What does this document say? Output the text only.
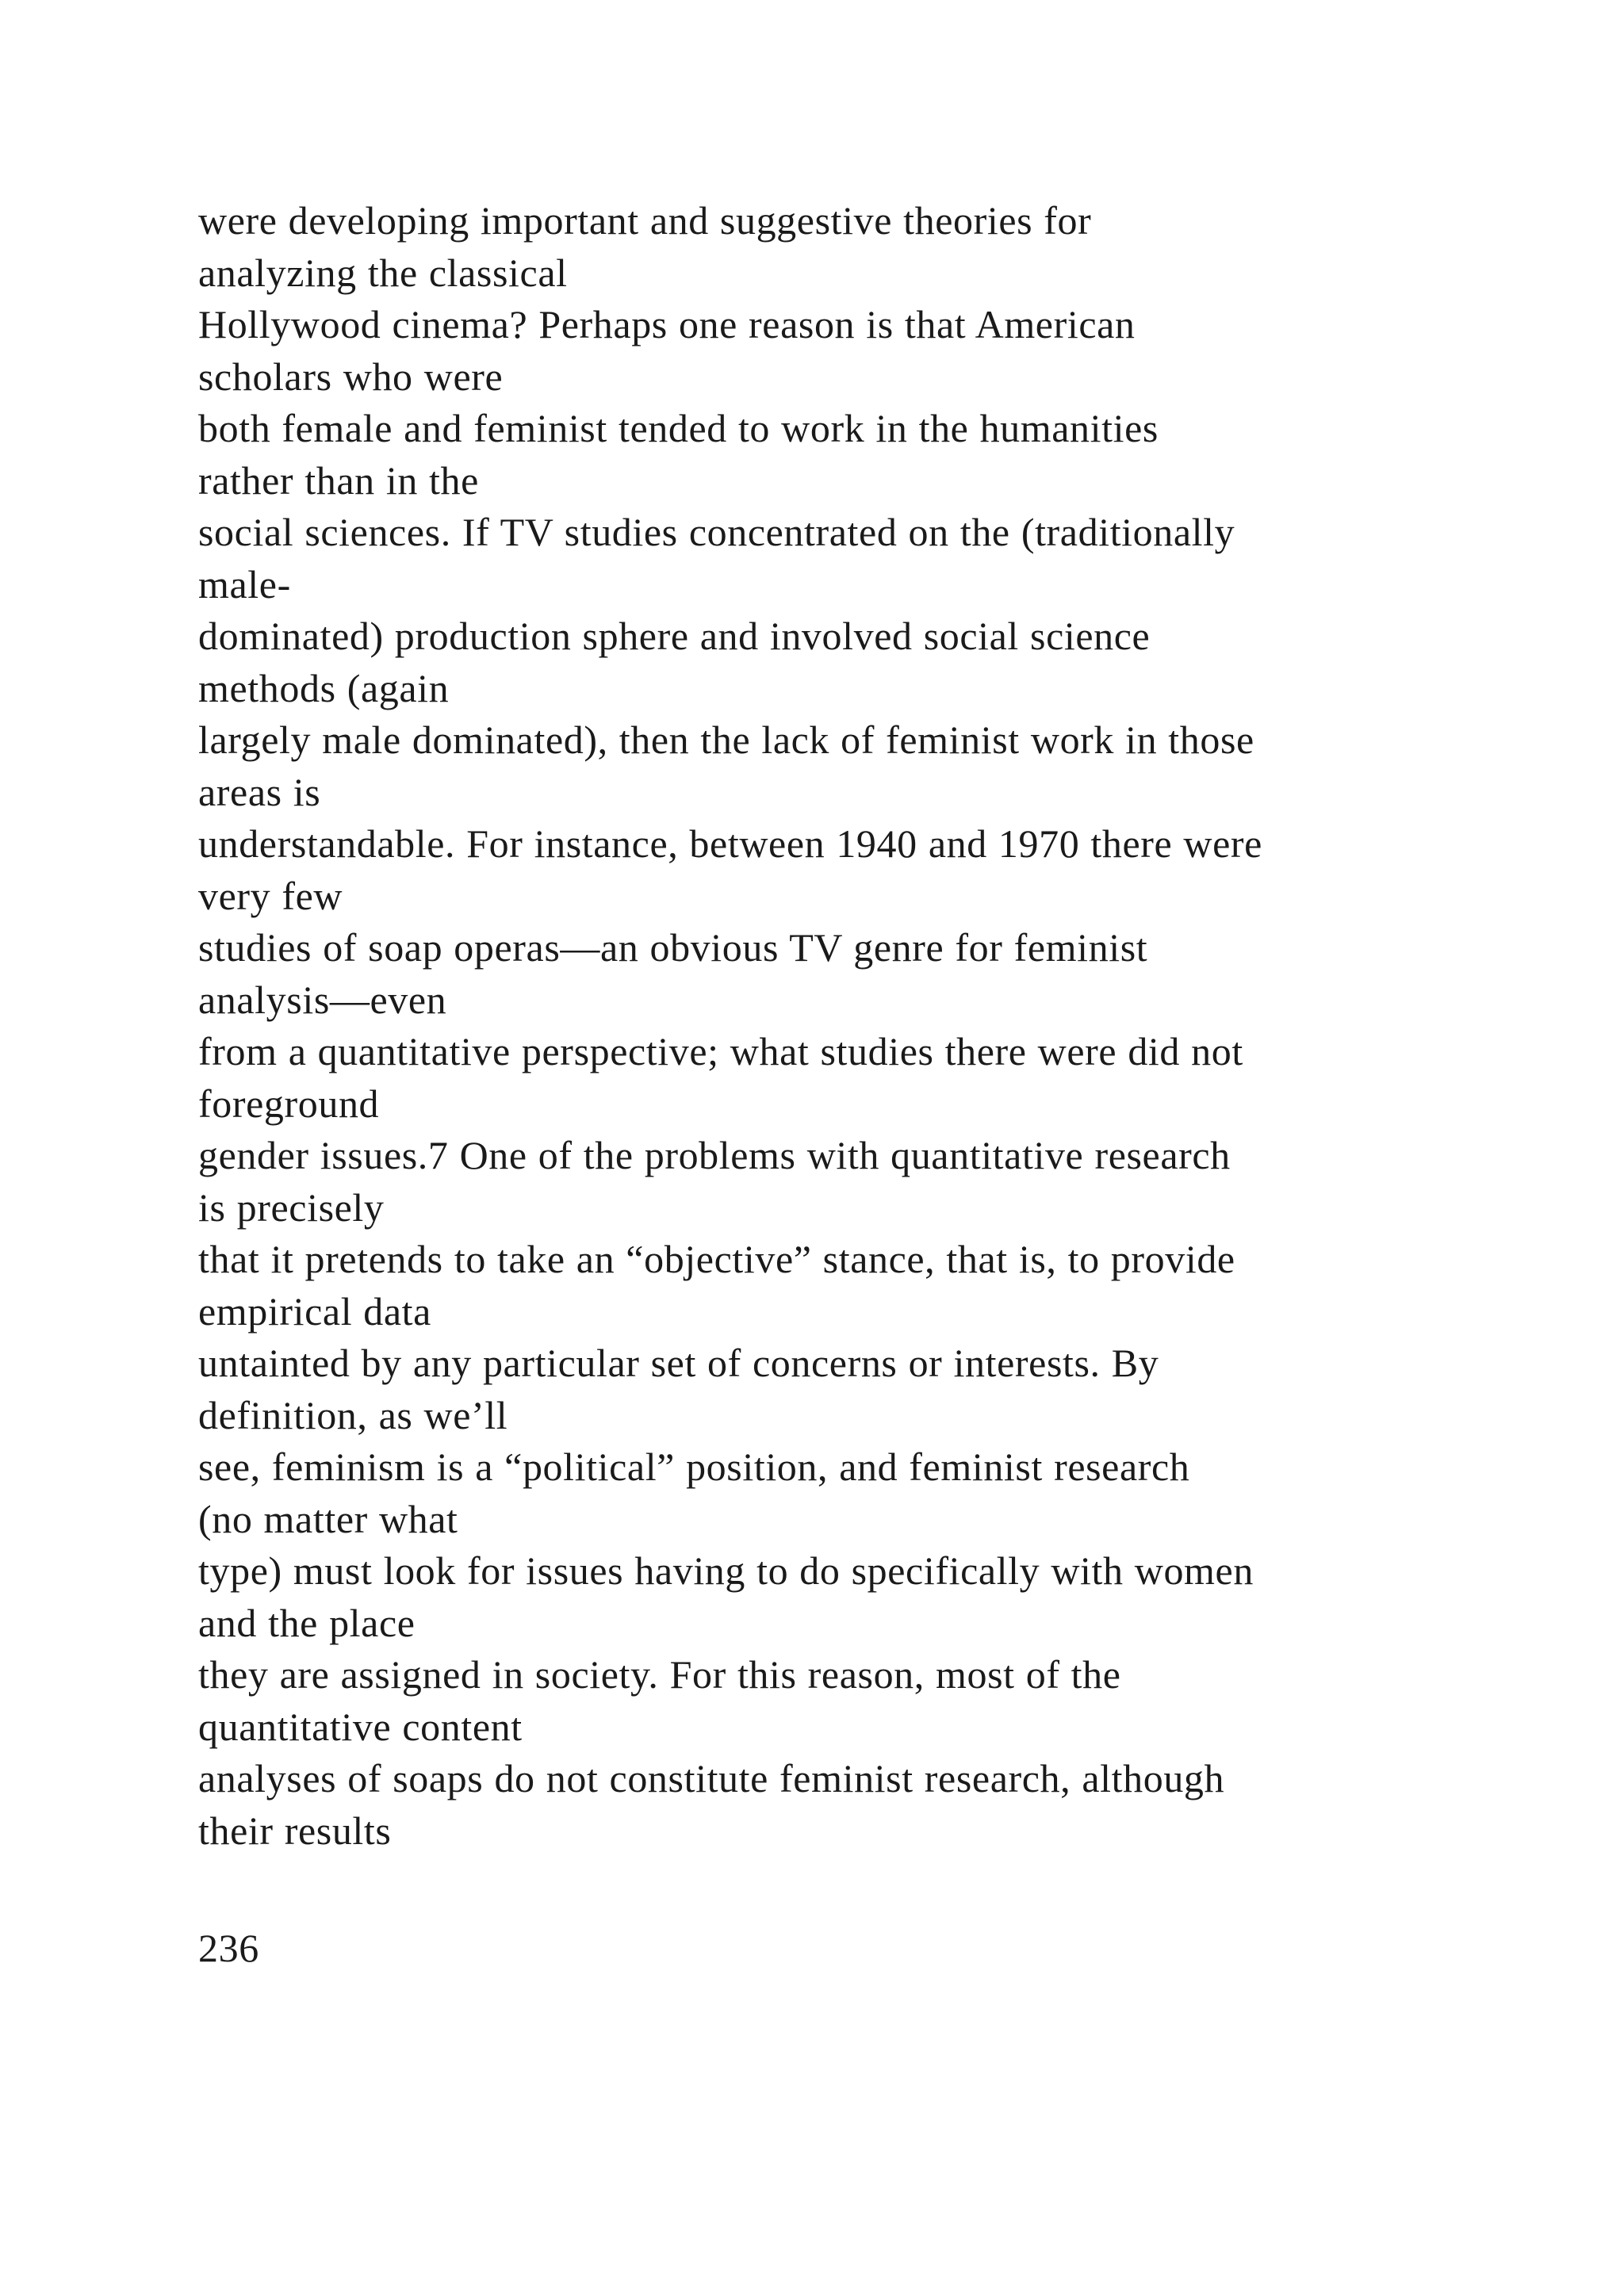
were developing important and suggestive theories for
analyzing the classical
Hollywood cinema? Perhaps one reason is that American
scholars who were
both female and feminist tended to work in the humanities
rather than in the
social sciences. If TV studies concentrated on the (traditionally
male-
dominated) production sphere and involved social science
methods (again
largely male dominated), then the lack of feminist work in those
areas is
understandable. For instance, between 1940 and 1970 there were
very few
studies of soap operas—an obvious TV genre for feminist
analysis—even
from a quantitative perspective; what studies there were did not
foreground
gender issues.7 One of the problems with quantitative research
is precisely
that it pretends to take an “objective” stance, that is, to provide
empirical data
untainted by any particular set of concerns or interests. By
definition, as we’ll
see, feminism is a “political” position, and feminist research
(no matter what
type) must look for issues having to do specifically with women
and the place
they are assigned in society. For this reason, most of the
quantitative content
analyses of soaps do not constitute feminist research, although
their results
236
